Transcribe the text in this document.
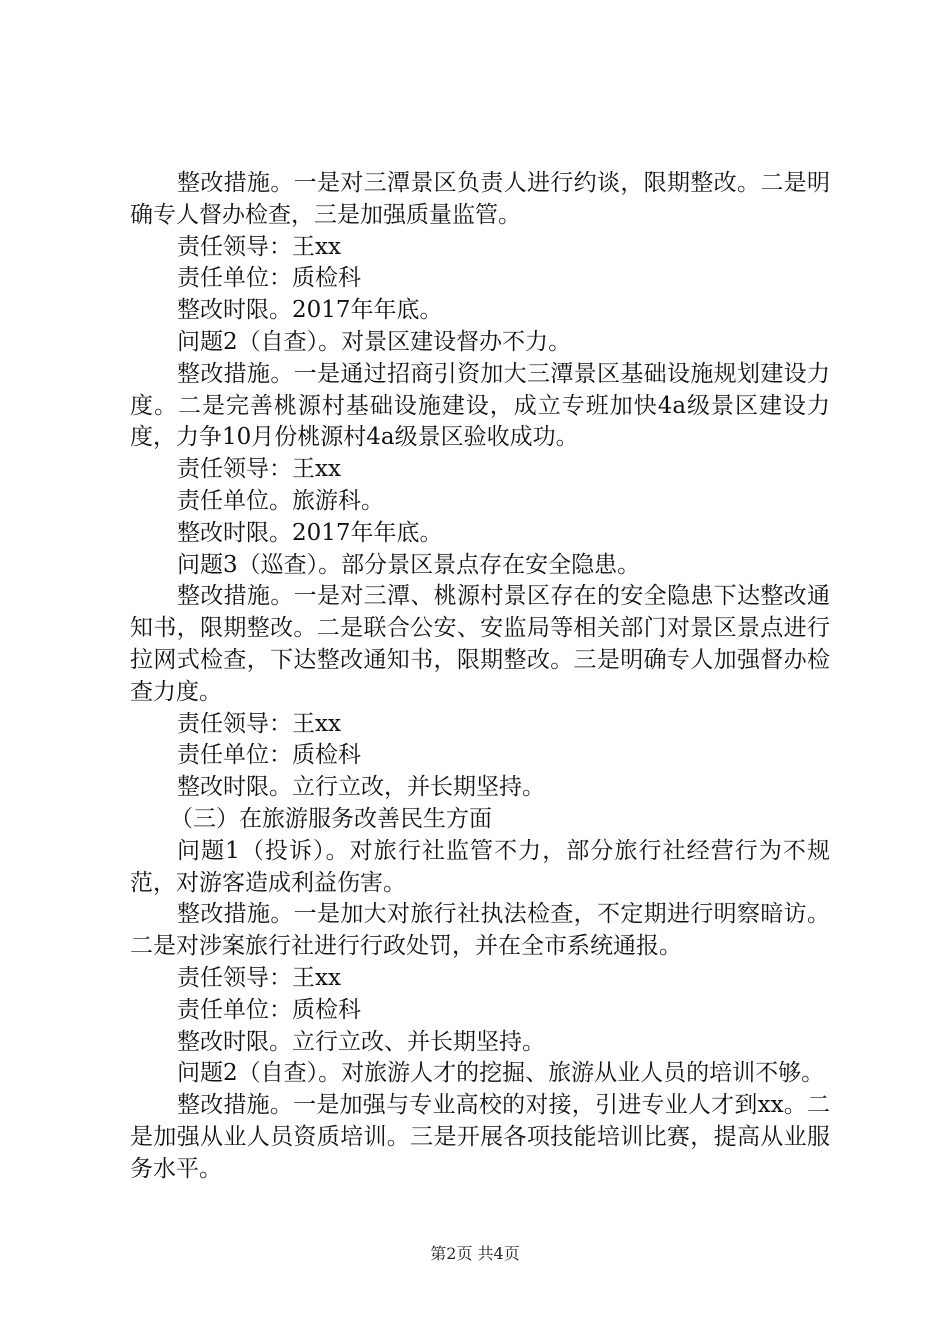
整改措施。一是对三潭景区负责人进行约谈，限期整改。二是明确专人督办检查，三是加强质量监管。

责任领导：王xx

责任单位：质检科

整改时限。2017年年底。

问题2（自查）。对景区建设督办不力。

整改措施。一是通过招商引资加大三潭景区基础设施规划建设力度。二是完善桃源村基础设施建设，成立专班加快4a级景区建设力度，力争10月份桃源村4a级景区验收成功。

责任领导：王xx

责任单位。旅游科。

整改时限。2017年年底。

问题3（巡查）。部分景区景点存在安全隐患。

整改措施。一是对三潭、桃源村景区存在的安全隐患下达整改通知书，限期整改。二是联合公安、安监局等相关部门对景区景点进行拉网式检查，下达整改通知书，限期整改。三是明确专人加强督办检查力度。

责任领导：王xx

责任单位：质检科

整改时限。立行立改，并长期坚持。

（三）在旅游服务改善民生方面

问题1（投诉）。对旅行社监管不力，部分旅行社经营行为不规范，对游客造成利益伤害。

整改措施。一是加大对旅行社执法检查，不定期进行明察暗访。二是对涉案旅行社进行行政处罚，并在全市系统通报。

责任领导：王xx

责任单位：质检科

整改时限。立行立改、并长期坚持。

问题2（自查）。对旅游人才的挖掘、旅游从业人员的培训不够。

整改措施。一是加强与专业高校的对接，引进专业人才到xx。二是加强从业人员资质培训。三是开展各项技能培训比赛，提高从业服务水平。

第2页 共4页
